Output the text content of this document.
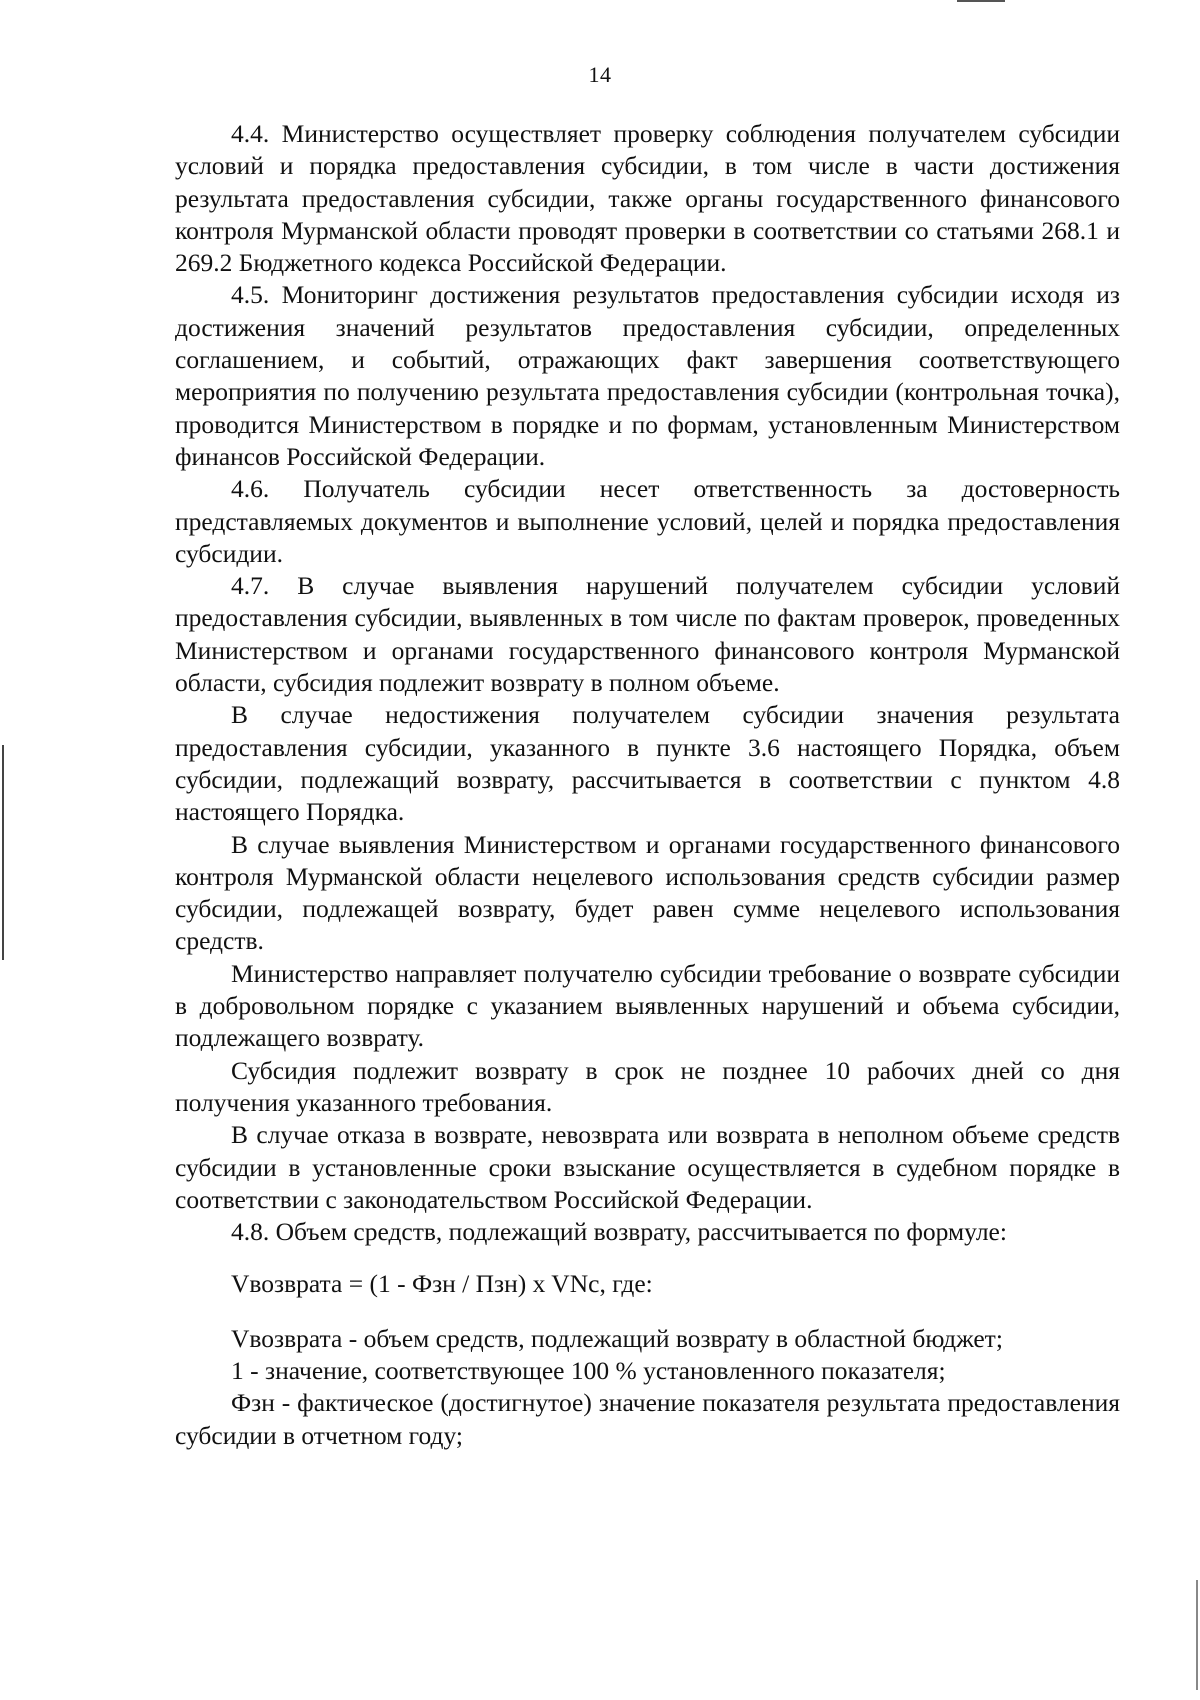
14

4.4. Министерство осуществляет проверку соблюдения получателем субсидии условий и порядка предоставления субсидии, в том числе в части достижения результата предоставления субсидии, также органы государственного финансового контроля Мурманской области проводят проверки в соответствии со статьями 268.1 и 269.2 Бюджетного кодекса Российской Федерации.

4.5. Мониторинг достижения результатов предоставления субсидии исходя из достижения значений результатов предоставления субсидии, определенных соглашением, и событий, отражающих факт завершения соответствующего мероприятия по получению результата предоставления субсидии (контрольная точка), проводится Министерством в порядке и по формам, установленным Министерством финансов Российской Федерации.

4.6. Получатель субсидии несет ответственность за достоверность представляемых документов и выполнение условий, целей и порядка предоставления субсидии.

4.7. В случае выявления нарушений получателем субсидии условий предоставления субсидии, выявленных в том числе по фактам проверок, проведенных Министерством и органами государственного финансового контроля Мурманской области, субсидия подлежит возврату в полном объеме.

В случае недостижения получателем субсидии значения результата предоставления субсидии, указанного в пункте 3.6 настоящего Порядка, объем субсидии, подлежащий возврату, рассчитывается в соответствии с пунктом 4.8 настоящего Порядка.

В случае выявления Министерством и органами государственного финансового контроля Мурманской области нецелевого использования средств субсидии размер субсидии, подлежащей возврату, будет равен сумме нецелевого использования средств.

Министерство направляет получателю субсидии требование о возврате субсидии в добровольном порядке с указанием выявленных нарушений и объема субсидии, подлежащего возврату.

Субсидия подлежит возврату в срок не позднее 10 рабочих дней со дня получения указанного требования.

В случае отказа в возврате, невозврата или возврата в неполном объеме средств субсидии в установленные сроки взыскание осуществляется в судебном порядке в соответствии с законодательством Российской Федерации.

4.8. Объем средств, подлежащий возврату, рассчитывается по формуле:

Vвозврата = (1 - Фзн / Пзн) x VNc, где:

Vвозврата - объем средств, подлежащий возврату в областной бюджет;

1 - значение, соответствующее 100 % установленного показателя;

Фзн - фактическое (достигнутое) значение показателя результата предоставления субсидии в отчетном году;
